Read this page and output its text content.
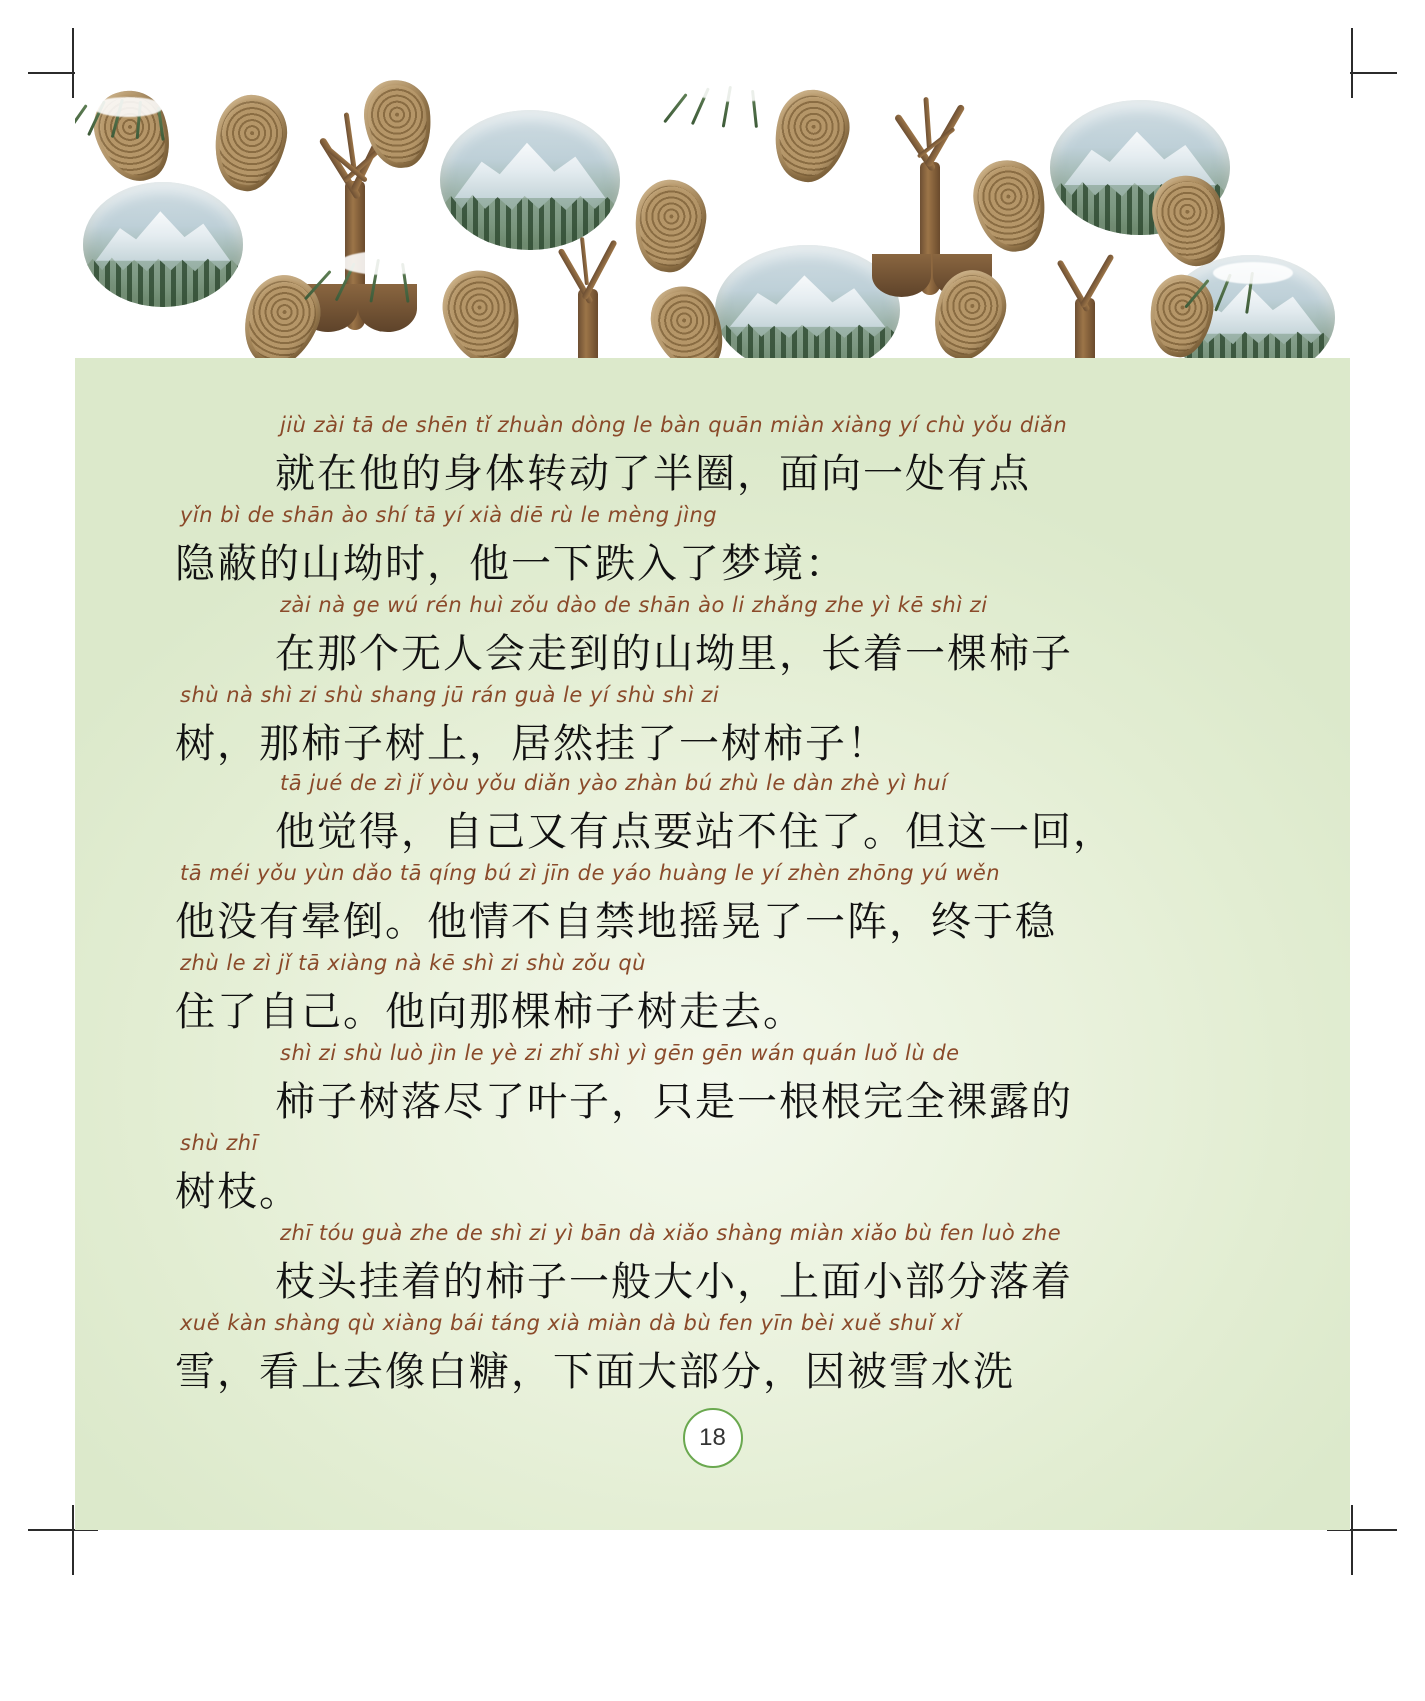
jiù zài tā de shēn tǐ zhuàn dòng le bàn quān miàn xiàng yí chù yǒu diǎn
就在他的身体转动了半圈，面向一处有点
yǐn bì de shān ào shí tā yí xià diē rù le mèng jìng
隐蔽的山坳时，他一下跌入了梦境：
zài nà ge wú rén huì zǒu dào de shān ào li zhǎng zhe yì kē shì zi
在那个无人会走到的山坳里，长着一棵柿子
shù nà shì zi shù shang jū rán guà le yí shù shì zi
树，那柿子树上，居然挂了一树柿子！
tā jué de zì jǐ yòu yǒu diǎn yào zhàn bú zhù le dàn zhè yì huí
他觉得，自己又有点要站不住了。但这一回，
tā méi yǒu yùn dǎo tā qíng bú zì jīn de yáo huàng le yí zhèn zhōng yú wěn
他没有晕倒。他情不自禁地摇晃了一阵，终于稳
zhù le zì jǐ tā xiàng nà kē shì zi shù zǒu qù
住了自己。他向那棵柿子树走去。
shì zi shù luò jìn le yè zi zhǐ shì yì gēn gēn wán quán luǒ lù de
柿子树落尽了叶子，只是一根根完全裸露的
shù zhī
树枝。
zhī tóu guà zhe de shì zi yì bān dà xiǎo shàng miàn xiǎo bù fen luò zhe
枝头挂着的柿子一般大小，上面小部分落着
xuě kàn shàng qù xiàng bái táng xià miàn dà bù fen yīn bèi xuě shuǐ xǐ
雪，看上去像白糖，下面大部分，因被雪水洗
18
